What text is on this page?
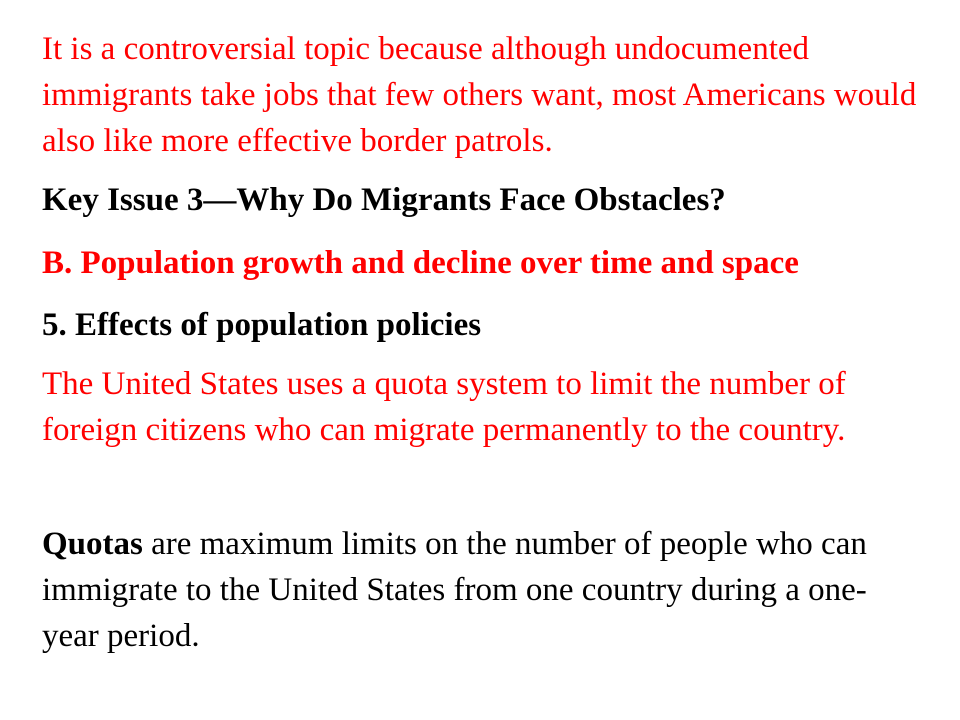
It is a controversial topic because although undocumented immigrants take jobs that few others want, most Americans would also like more effective border patrols.

Key Issue 3—Why Do Migrants Face Obstacles?

B. Population growth and decline over time and space

5. Effects of population policies

The United States uses a quota system to limit the number of foreign citizens who can migrate permanently to the country.

Quotas are maximum limits on the number of people who can immigrate to the United States from one country during a one-year period.
